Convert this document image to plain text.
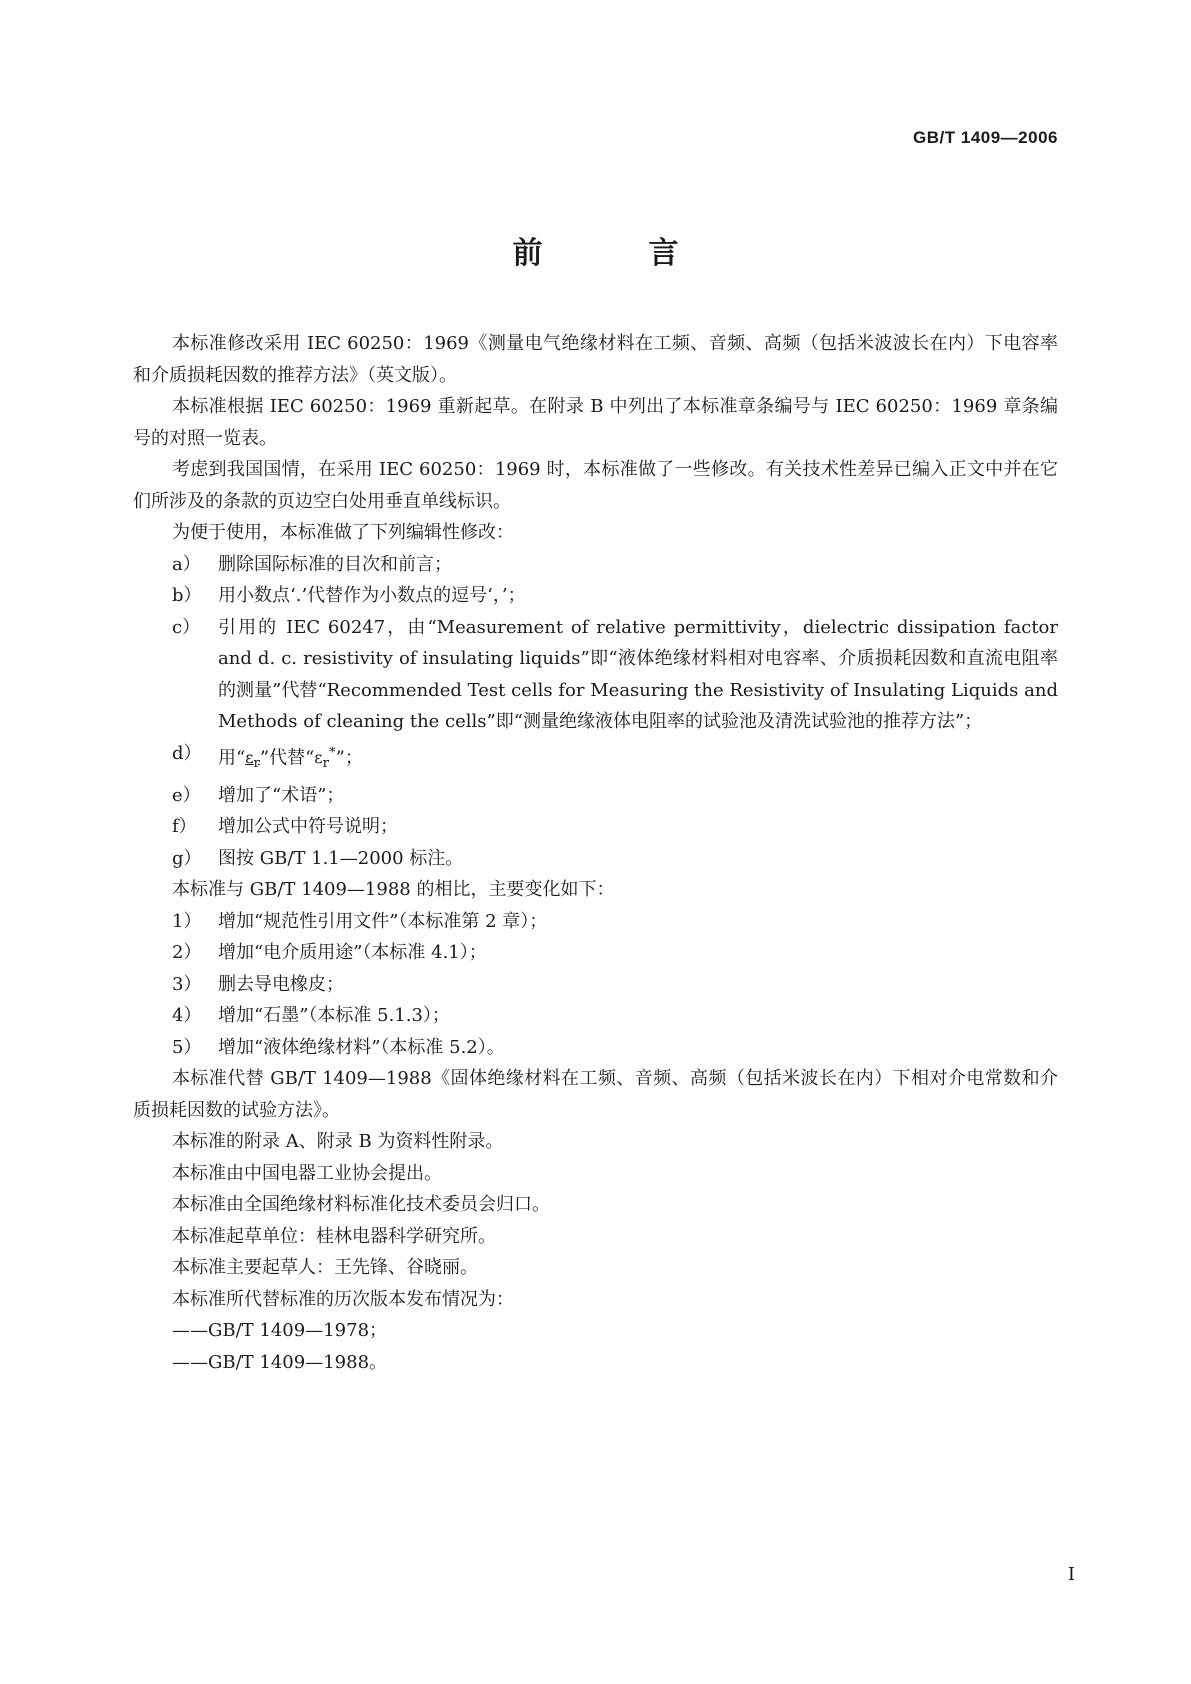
GB/T 1409—2006
前　言

本标准修改采用 IEC 60250：1969《测量电气绝缘材料在工频、音频、高频（包括米波波长在内）下电容率和介质损耗因数的推荐方法》（英文版）。

本标准根据 IEC 60250：1969 重新起草。在附录 B 中列出了本标准章条编号与 IEC 60250：1969 章条编号的对照一览表。

考虑到我国国情，在采用 IEC 60250：1969 时，本标准做了一些修改。有关技术性差异已编入正文中并在它们所涉及的条款的页边空白处用垂直单线标识。

为便于使用，本标准做了下列编辑性修改：

a） 删除国际标准的目次和前言；
b） 用小数点‘.’代替作为小数点的逗号‘，’；
c） 引用的 IEC 60247，由“Measurement of relative permittivity，dielectric dissipation factor and d. c. resistivity of insulating liquids”即“液体绝缘材料相对电容率、介质损耗因数和直流电阻率的测量”代替“Recommended Test cells for Measuring the Resistivity of Insulating Liquids and Methods of cleaning the cells”即“测量绝缘液体电阻率的试验池及清洗试验池的推荐方法”；
d） 用“$\varepsilon_r$”代替“$\varepsilon_r^*$”；
e） 增加了“术语”；
f） 增加公式中符号说明；
g） 图按 GB/T 1.1—2000 标注。

本标准与 GB/T 1409—1988 的相比，主要变化如下：

1） 增加“规范性引用文件”（本标准第 2 章）；
2） 增加“电介质用途”（本标准 4.1）；
3） 删去导电橡皮；
4） 增加“石墨”（本标准 5.1.3）；
5） 增加“液体绝缘材料”（本标准 5.2）。

本标准代替 GB/T 1409—1988《固体绝缘材料在工频、音频、高频（包括米波长在内）下相对介电常数和介质损耗因数的试验方法》。

本标准的附录 A、附录 B 为资料性附录。

本标准由中国电器工业协会提出。

本标准由全国绝缘材料标准化技术委员会归口。

本标准起草单位：桂林电器科学研究所。

本标准主要起草人：王先锋、谷晓丽。

本标准所代替标准的历次版本发布情况为：

——GB/T 1409—1978；

——GB/T 1409—1988。

I
